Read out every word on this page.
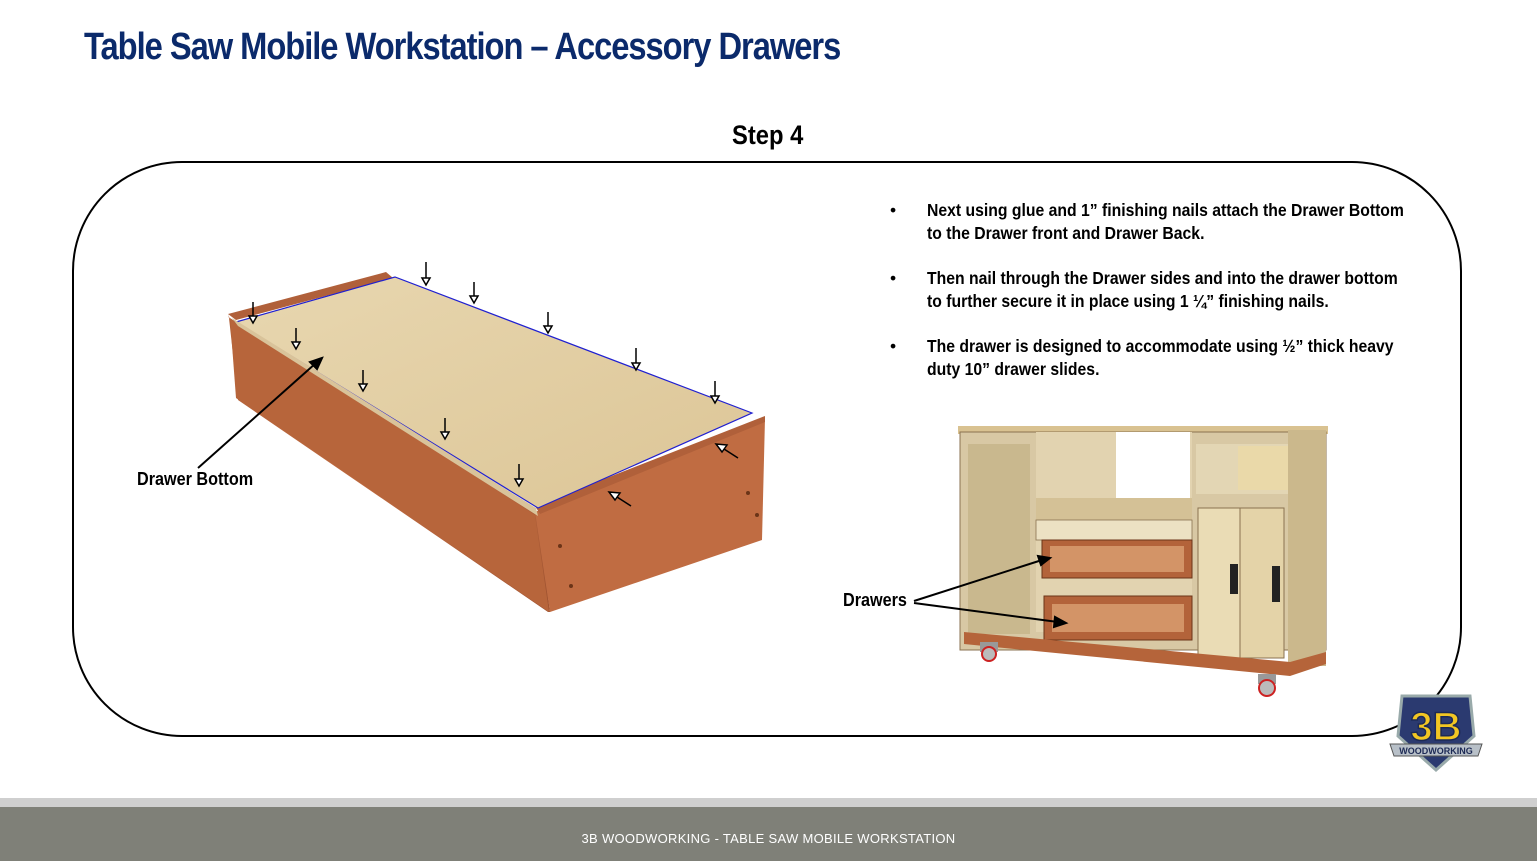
Table Saw Mobile Workstation – Accessory Drawers
Step 4
Drawer Bottom
• Next using glue and 1” finishing nails attach the Drawer Bottom to the Drawer front and Drawer Back.
• Then nail through the Drawer sides and into the drawer bottom to further secure it in place using 1 ¼” finishing nails.
• The drawer is designed to accommodate using ½” thick heavy duty 10” drawer slides.
Drawers
3B
WOODWORKING
3B WOODWORKING - TABLE SAW MOBILE WORKSTATION
